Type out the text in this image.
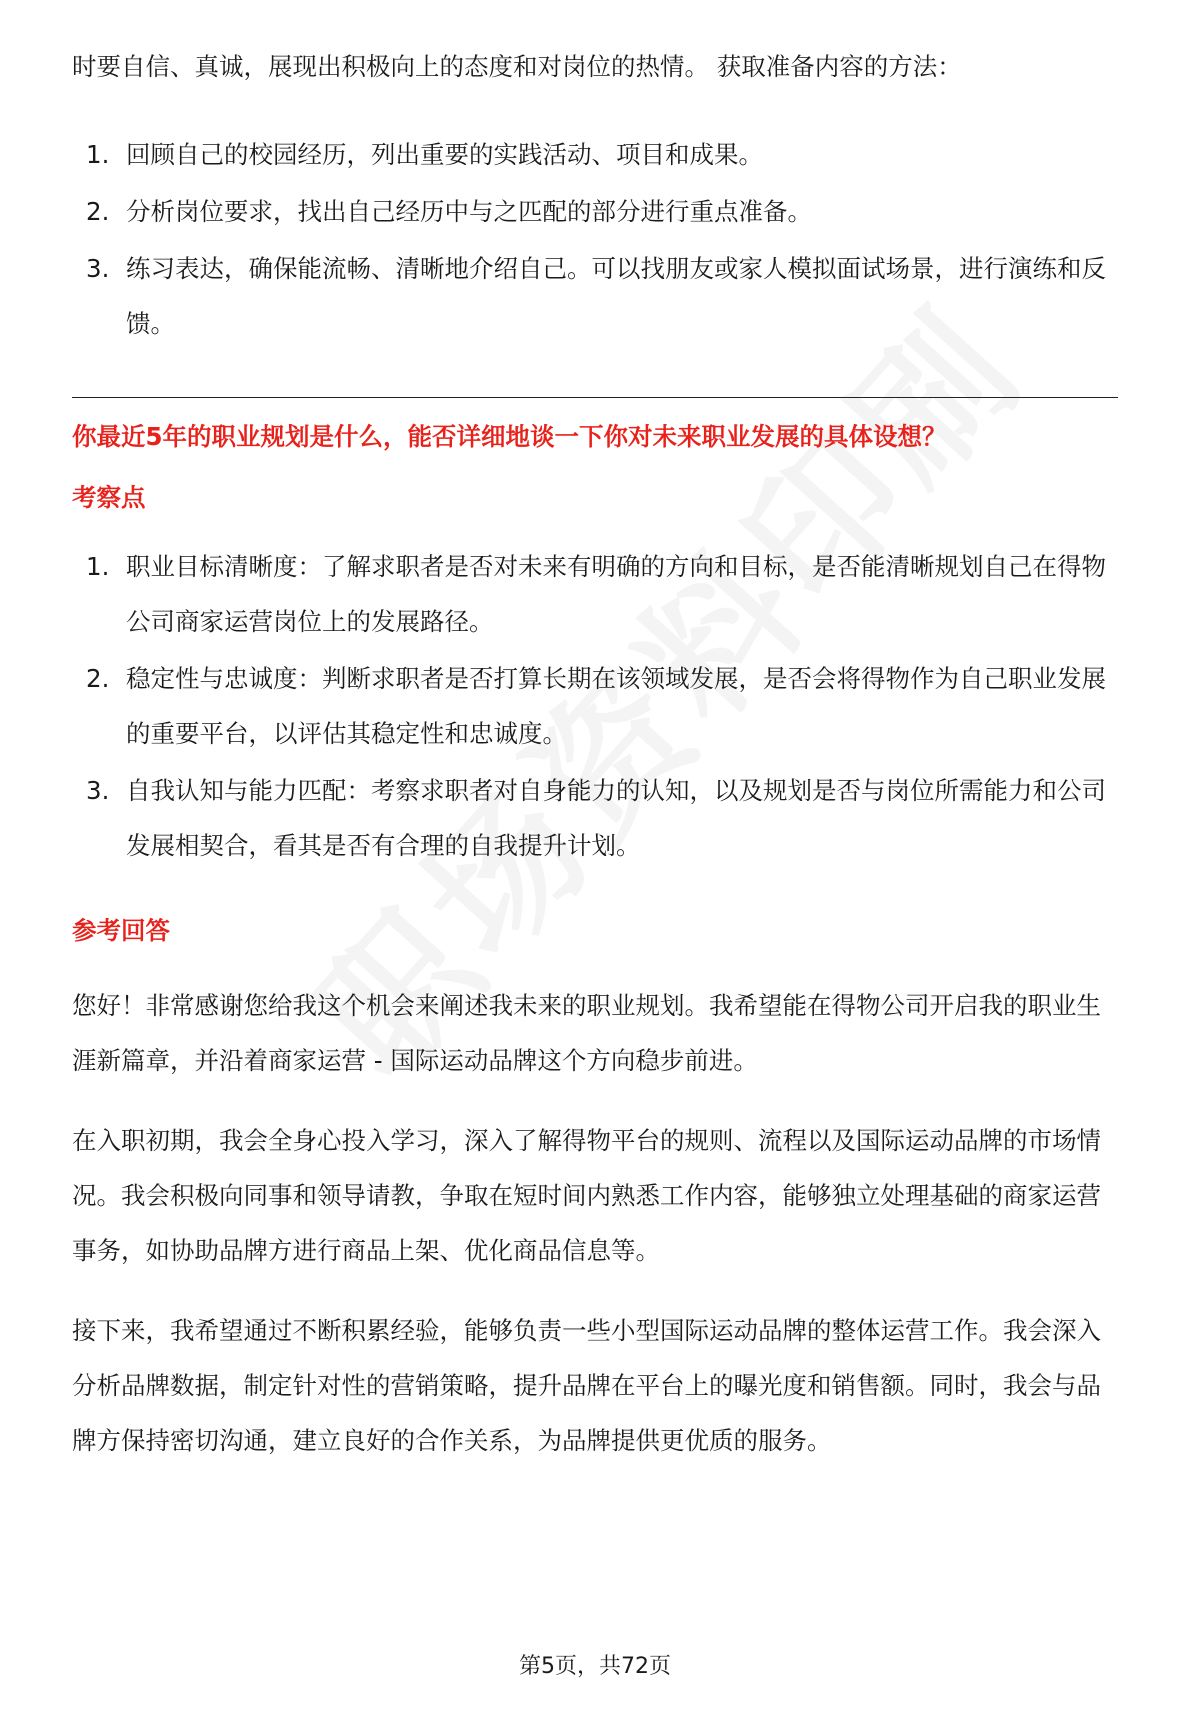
时要自信、真诚，展现出积极向上的态度和对岗位的热情。 获取准备内容的方法：

1. 回顾自己的校园经历，列出重要的实践活动、项目和成果。
2. 分析岗位要求，找出自己经历中与之匹配的部分进行重点准备。
3. 练习表达，确保能流畅、清晰地介绍自己。可以找朋友或家人模拟面试场景，进行演练和反馈。

你最近5年的职业规划是什么，能否详细地谈一下你对未来职业发展的具体设想？

考察点

1. 职业目标清晰度：了解求职者是否对未来有明确的方向和目标，是否能清晰规划自己在得物公司商家运营岗位上的发展路径。
2. 稳定性与忠诚度：判断求职者是否打算长期在该领域发展，是否会将得物作为自己职业发展的重要平台，以评估其稳定性和忠诚度。
3. 自我认知与能力匹配：考察求职者对自身能力的认知，以及规划是否与岗位所需能力和公司发展相契合，看其是否有合理的自我提升计划。

参考回答

您好！非常感谢您给我这个机会来阐述我未来的职业规划。我希望能在得物公司开启我的职业生涯新篇章，并沿着商家运营 - 国际运动品牌这个方向稳步前进。

在入职初期，我会全身心投入学习，深入了解得物平台的规则、流程以及国际运动品牌的市场情况。我会积极向同事和领导请教，争取在短时间内熟悉工作内容，能够独立处理基础的商家运营事务，如协助品牌方进行商品上架、优化商品信息等。

接下来，我希望通过不断积累经验，能够负责一些小型国际运动品牌的整体运营工作。我会深入分析品牌数据，制定针对性的营销策略，提升品牌在平台上的曝光度和销售额。同时，我会与品牌方保持密切沟通，建立良好的合作关系，为品牌提供更优质的服务。

第5页，共72页
